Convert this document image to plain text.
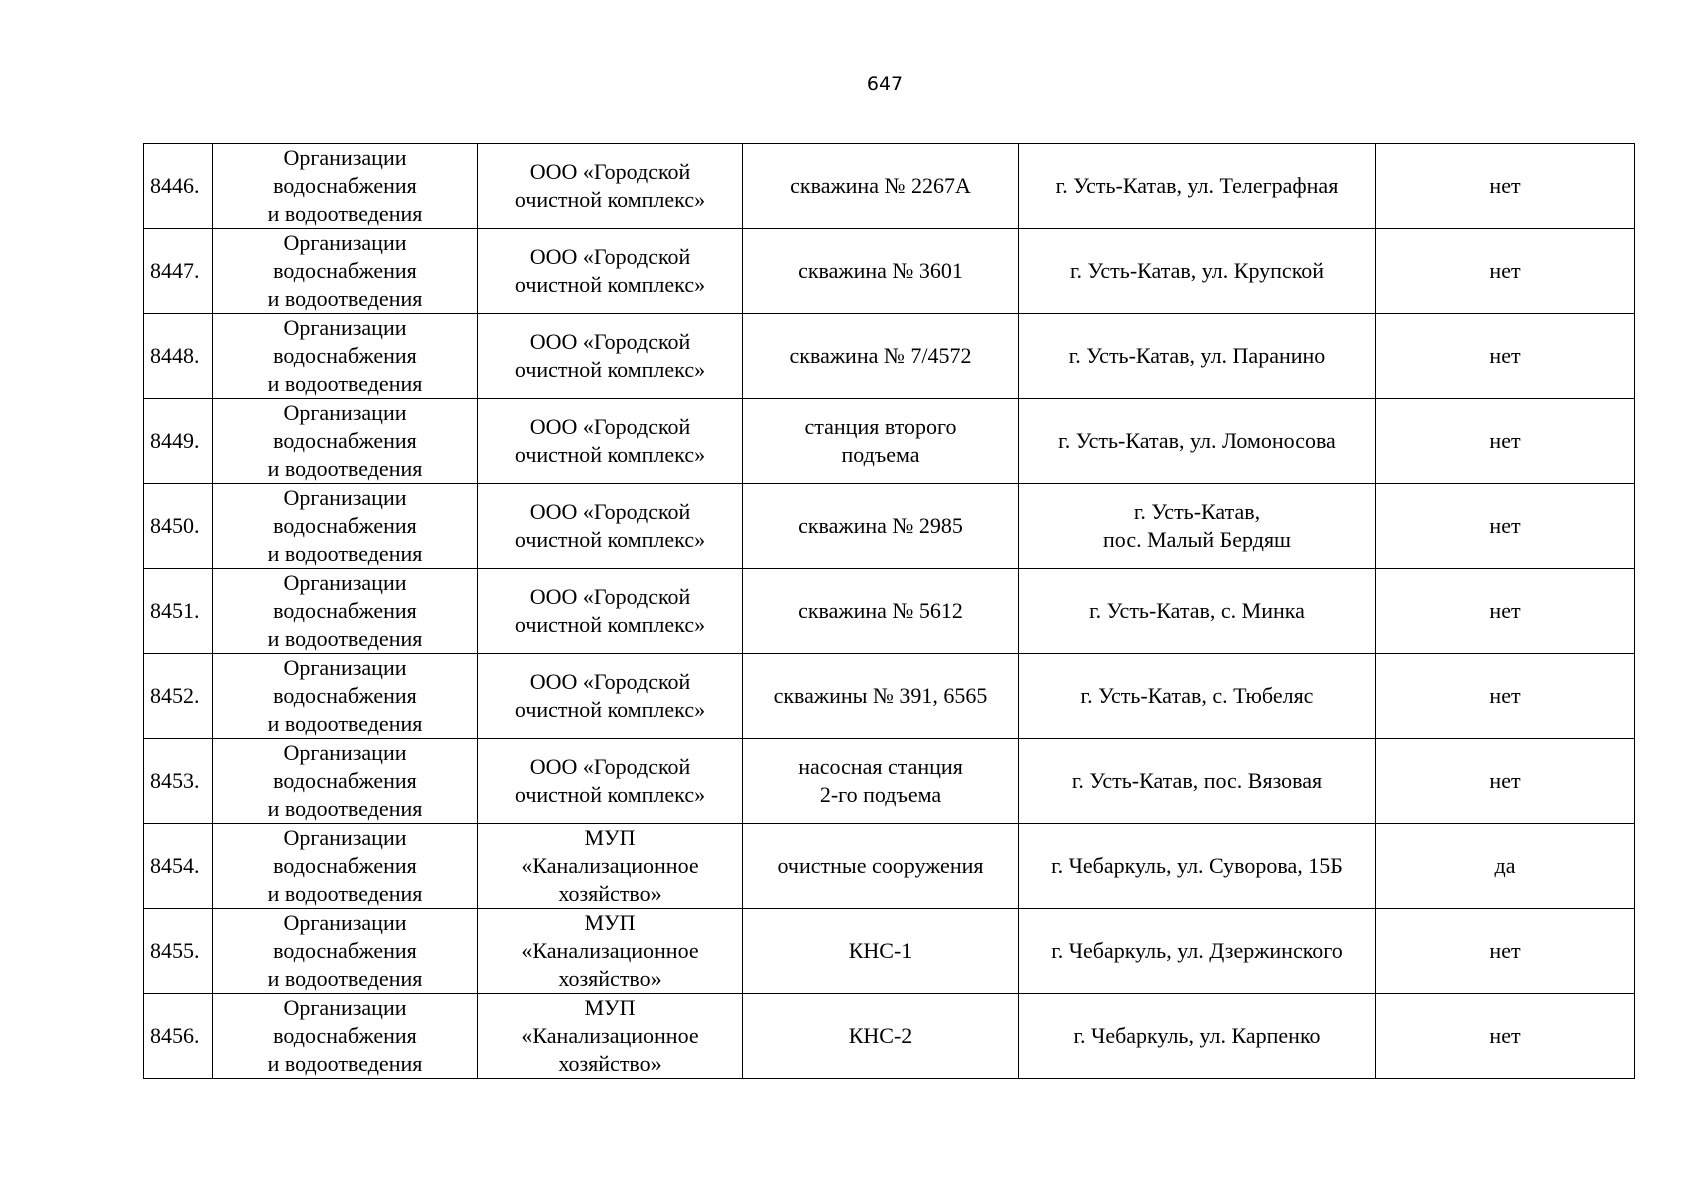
647
8446.	Организации
водоснабжения
и водоотведения	ООО «Городской
очистной комплекс»	скважина № 2267А	г. Усть-Катав, ул. Телеграфная	нет
8447.	Организации
водоснабжения
и водоотведения	ООО «Городской
очистной комплекс»	скважина № 3601	г. Усть-Катав, ул. Крупской	нет
8448.	Организации
водоснабжения
и водоотведения	ООО «Городской
очистной комплекс»	скважина № 7/4572	г. Усть-Катав, ул. Паранино	нет
8449.	Организации
водоснабжения
и водоотведения	ООО «Городской
очистной комплекс»	станция второго
подъема	г. Усть-Катав, ул. Ломоносова	нет
8450.	Организации
водоснабжения
и водоотведения	ООО «Городской
очистной комплекс»	скважина № 2985	г. Усть-Катав,
пос. Малый Бердяш	нет
8451.	Организации
водоснабжения
и водоотведения	ООО «Городской
очистной комплекс»	скважина № 5612	г. Усть-Катав, с. Минка	нет
8452.	Организации
водоснабжения
и водоотведения	ООО «Городской
очистной комплекс»	скважины № 391, 6565	г. Усть-Катав, с. Тюбеляс	нет
8453.	Организации
водоснабжения
и водоотведения	ООО «Городской
очистной комплекс»	насосная станция
2-го подъема	г. Усть-Катав, пос. Вязовая	нет
8454.	Организации
водоснабжения
и водоотведения	МУП
«Канализационное
хозяйство»	очистные сооружения	г. Чебаркуль, ул. Суворова, 15Б	да
8455.	Организации
водоснабжения
и водоотведения	МУП
«Канализационное
хозяйство»	КНС-1	г. Чебаркуль, ул. Дзержинского	нет
8456.	Организации
водоснабжения
и водоотведения	МУП
«Канализационное
хозяйство»	КНС-2	г. Чебаркуль, ул. Карпенко	нет
